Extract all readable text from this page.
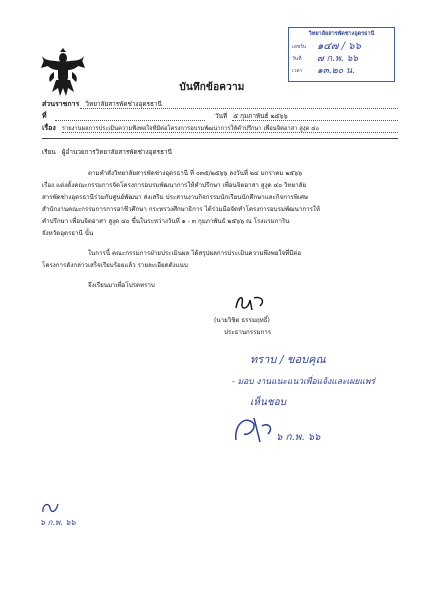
วิทยาลัยสารพัดช่างอุดรธานี
เลขรับ ๑๔๗ / ๖๖
วันที่ ๗ ก.พ. ๖๖
เวลา ๑๓.๒๐ น.
บันทึกข้อความ
ส่วนราชการ วิทยาลัยสารพัดช่างอุดรธานี
ที่	วันที่ ๕ กุมภาพันธ์ ๒๕๖๖
เรื่อง รายงานผลการประเมินความพึงพอใจที่มีต่อโครงการอบรมพัฒนาการให้คำปรึกษา เพื่อนจิตอาสา สูงุด ๔๐
เรียน ผู้อำนวยการวิทยาลัยสารพัดช่างอุดรธานี
ตามคำสั่งวิทยาลัยสารพัดช่างอุดรธานี ที่ ๐๓๕/๒๕๖๖ ลงวันที่ ๒๔ มกราคม ๒๕๖๖
เรื่อง แต่งตั้งคณะกรรมการจัดโครงการอบรมพัฒนาการให้คำปรึกษา เพื่อนจิตอาสา สูงุด ๔๐ วิทยาลัย
สารพัดช่างอุดรธานีร่วมกับศูนย์พัฒนา ส่งเสริม ประสานงานกิจกรรมนักเรียนนักศึกษาและกิจการพิเศษ
สำนักงานคณะกรรมการการอาชีวศึกษา กระทรวงศึกษาธิการ ได้ร่วมมือจัดทำโครงการอบรมพัฒนาการให้
คำปรึกษา เพื่อนจิตอาสา สูงุด ๔๐ ขึ้นในระหว่างวันที่ ๑ - ๓ กุมภาพันธ์ ๒๕๖๖ ณ โรงแรมการิน
จังหวัดอุดรธานี นั้น
ในการนี้ คณะกรรมการฝ่ายประเมินผล ได้สรุปผลการประเมินความพึงพอใจที่มีต่อ
โครงการดังกล่าวเสร็จเรียบร้อยแล้ว รายละเอียดดังแนบ
จึงเรียนมาเพื่อโปรดทราบ
(นายวิชิต ธรรมฤทธิ์)
ประธานกรรมการ
ทราบ / ขอบคุณ
- มอบ งานแนะแนวเพื่อแจ้งและเผยแพร่
เห็นชอบ
๖ ก.พ. ๖๖
๖ ก.พ. ๖๖
